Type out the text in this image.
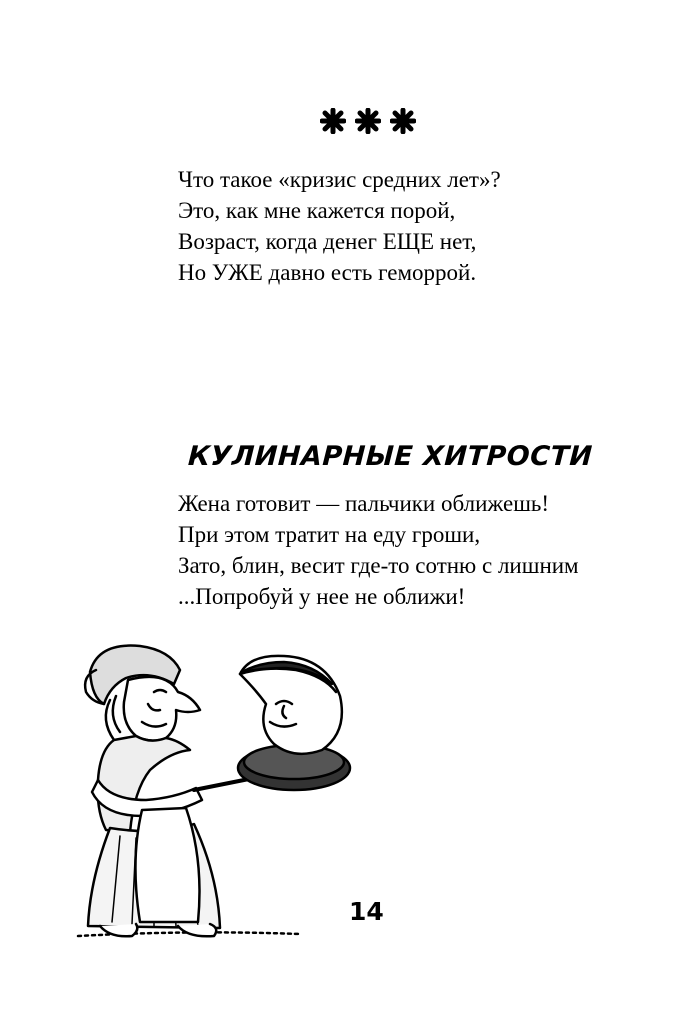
Что такое «кризис средних лет»?
Это, как мне кажется порой,
Возраст, когда денег ЕЩЕ нет,
Но УЖЕ давно есть геморрой.
КУЛИНАРНЫЕ ХИТРОСТИ
Жена готовит — пальчики оближешь!
При этом тратит на еду гроши,
Зато, блин, весит где-то сотню с лишним
...Попробуй у нее не оближи!

14
